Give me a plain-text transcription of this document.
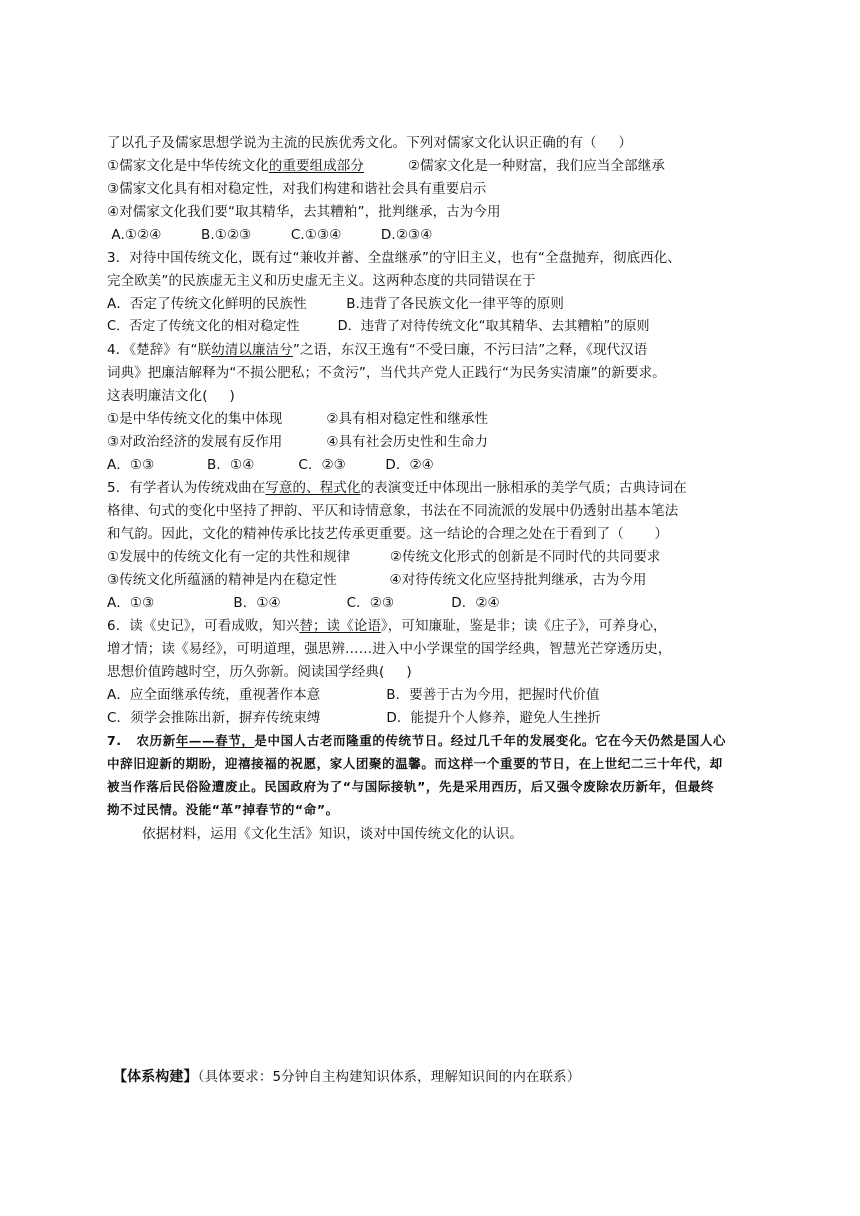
了以孔子及儒家思想学说为主流的民族优秀文化。下列对儒家文化认识正确的有（     ）
①儒家文化是中华传统文化的重要组成部分          ②儒家文化是一种财富，我们应当全部继承
③儒家文化具有相对稳定性，对我们构建和谐社会具有重要启示
④对儒家文化我们要“取其精华，去其糟粕”，批判继承，古为今用
A.①②④         B.①②③         C.①③④         D.②③④
3．对待中国传统文化，既有过“兼收并蓄、全盘继承”的守旧主义，也有“全盘抛弃，彻底西化、
完全欧美”的民族虚无主义和历史虚无主义。这两种态度的共同错误在于
A．否定了传统文化鲜明的民族性         B.违背了各民族文化一律平等的原则
C．否定了传统文化的相对稳定性         D．违背了对待传统文化“取其精华、去其糟粕”的原则
4．《楚辞》有“朕幼清以廉洁兮”之语，东汉王逸有“不受曰廉，不污曰洁”之释，《现代汉语
词典》把廉洁解释为“不损公肥私；不贪污”，当代共产党人正践行“为民务实清廉”的新要求。
这表明廉洁文化(     )
①是中华传统文化的集中体现          ②具有相对稳定性和继承性
③对政治经济的发展有反作用          ④具有社会历史性和生命力
A．①③            B．①④          C．②③         D．②④
5．有学者认为传统戏曲在写意的、程式化的表演变迁中体现出一脉相承的美学气质；古典诗词在
格律、句式的变化中坚持了押韵、平仄和诗情意象，书法在不同流派的发展中仍透射出基本笔法
和气韵。因此，文化的精神传承比技艺传承更重要。这一结论的合理之处在于看到了（       ）
①发展中的传统文化有一定的共性和规律         ②传统文化形式的创新是不同时代的共同要求
③传统文化所蕴涵的精神是内在稳定性            ④对待传统文化应坚持批判继承，古为今用
A．①③                  B．①④               C．②③             D．②④
6．读《史记》，可看成败，知兴替；读《论语》，可知廉耻，鉴是非；读《庄子》，可养身心，
增才情；读《易经》，可明道理，强思辨……进入中小学课堂的国学经典，智慧光芒穿透历史，
思想价值跨越时空，历久弥新。阅读国学经典(     )
A．应全面继承传统，重视著作本意               B．要善于古为今用，把握时代价值
C．须学会推陈出新，摒弃传统束缚               D．能提升个人修养，避免人生挫折
7.   农历新年——春节，是中国人古老而隆重的传统节日。经过几千年的发展变化。它在今天仍然是国人心
中辞旧迎新的期盼，迎禧接福的祝愿，家人团聚的温馨。而这样一个重要的节日，在上世纪二三十年代，却
被当作落后民俗险遭废止。民国政府为了“与国际接轨”，先是采用西历，后又强令废除农历新年，但最终
拗不过民情。没能“革”掉春节的“命”。
依据材料，运用《文化生活》知识，谈对中国传统文化的认识。
【体系构建】（具体要求：5分钟自主构建知识体系，理解知识间的内在联系）
